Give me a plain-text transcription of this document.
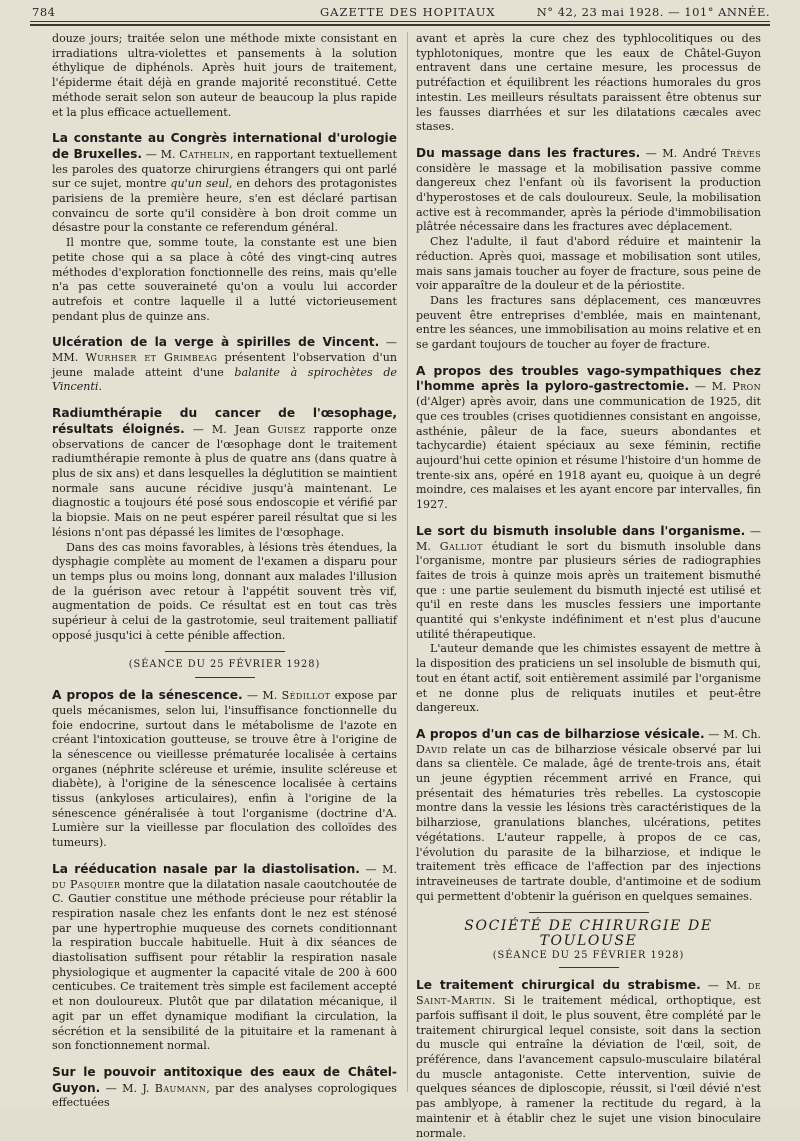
784	GAZETTE DES HOPITAUX	N° 42, 23 mai 1928. — 101° ANNÉE.

douze jours; traitée selon une méthode mixte consistant en irradiations ultra-violettes et pansements à la solution éthylique de diphénols. Après huit jours de traitement, l'épiderme était déjà en grande majorité reconstitué. Cette méthode serait selon son auteur de beaucoup la plus rapide et la plus efficace actuellement.

La constante au Congrès international d'urologie de Bruxelles. — M. Cathelin, en rapportant textuellement les paroles des quatorze chirurgiens étrangers qui ont parlé sur ce sujet, montre qu'un seul, en dehors des protagonistes parisiens de la première heure, s'en est déclaré partisan convaincu de sorte qu'il considère à bon droit comme un désastre pour la constante ce referendum général.

Il montre que, somme toute, la constante est une bien petite chose qui a sa place à côté des vingt-cinq autres méthodes d'exploration fonctionnelle des reins, mais qu'elle n'a pas cette souveraineté qu'on a voulu lui accorder autrefois et contre laquelle il a lutté victorieusement pendant plus de quinze ans.

Ulcération de la verge à spirilles de Vincent. — MM. Wurhser et Grimbeag présentent l'observation d'un jeune malade atteint d'une balanite à spirochètes de Vincenti.

Radiumthérapie du cancer de l'œsophage, résultats éloignés. — M. Jean Guisez rapporte onze observations de cancer de l'œsophage dont le traitement radiumthérapie remonte à plus de quatre ans (dans quatre à plus de six ans) et dans lesquelles la déglutition se maintient normale sans aucune récidive jusqu'à maintenant. Le diagnostic a toujours été posé sous endoscopie et vérifié par la biopsie. Mais on ne peut espérer pareil résultat que si les lésions n'ont pas dépassé les limites de l'œsophage.

Dans des cas moins favorables, à lésions très étendues, la dysphagie complète au moment de l'examen a disparu pour un temps plus ou moins long, donnant aux malades l'illusion de la guérison avec retour à l'appétit souvent très vif, augmentation de poids. Ce résultat est en tout cas très supérieur à celui de la gastrotomie, seul traitement palliatif opposé jusqu'ici à cette pénible affection.

(SÉANCE DU 25 FÉVRIER 1928)

A propos de la sénescence. — M. Sédillot expose par quels mécanismes, selon lui, l'insuffisance fonctionnelle du foie endocrine, surtout dans le métabolisme de l'azote en créant l'intoxication goutteuse, se trouve être à l'origine de la sénescence ou vieillesse prématurée localisée à certains organes (néphrite scléreuse et urémie, insulite scléreuse et diabète), à l'origine de la sénescence localisée à certains tissus (ankyloses articulaires), enfin à l'origine de la sénescence généralisée à tout l'organisme (doctrine d'A. Lumière sur la vieillesse par floculation des colloïdes des tumeurs).

La rééducation nasale par la diastolisation. — M. du Pasquier montre que la dilatation nasale caoutchoutée de C. Gautier constitue une méthode précieuse pour rétablir la respiration nasale chez les enfants dont le nez est sténosé par une hypertrophie muqueuse des cornets conditionnant la respiration buccale habituelle. Huit à dix séances de diastolisation suffisent pour rétablir la respiration nasale physiologique et augmenter la capacité vitale de 200 à 600 centicubes. Ce traitement très simple est facilement accepté et non douloureux. Plutôt que par dilatation mécanique, il agit par un effet dynamique modifiant la circulation, la sécrétion et la sensibilité de la pituitaire et la ramenant à son fonctionnement normal.

Sur le pouvoir antitoxique des eaux de Châtel-Guyon. — M. J. Baumann, par des analyses coprologiques effectuées

avant et après la cure chez des typhlocolitiques ou des typhlotoniques, montre que les eaux de Châtel-Guyon entravent dans une certaine mesure, les processus de putréfaction et équilibrent les réactions humorales du gros intestin. Les meilleurs résultats paraissent être obtenus sur les fausses diarrhées et sur les dilatations cæcales avec stases.

Du massage dans les fractures. — M. André Trèves considère le massage et la mobilisation passive comme dangereux chez l'enfant où ils favorisent la production d'hyperostoses et de cals douloureux. Seule, la mobilisation active est à recommander, après la période d'immobilisation plâtrée nécessaire dans les fractures avec déplacement.

Chez l'adulte, il faut d'abord réduire et maintenir la réduction. Après quoi, massage et mobilisation sont utiles, mais sans jamais toucher au foyer de fracture, sous peine de voir apparaître de la douleur et de la périostite.

Dans les fractures sans déplacement, ces manœuvres peuvent être entreprises d'emblée, mais en maintenant, entre les séances, une immobilisation au moins relative et en se gardant toujours de toucher au foyer de fracture.

A propos des troubles vago-sympathiques chez l'homme après la pyloro-gastrectomie. — M. Pron (d'Alger) après avoir, dans une communication de 1925, dit que ces troubles (crises quotidiennes consistant en angoisse, asthénie, pâleur de la face, sueurs abondantes et tachycardie) étaient spéciaux au sexe féminin, rectifie aujourd'hui cette opinion et résume l'histoire d'un homme de trente-six ans, opéré en 1918 ayant eu, quoique à un degré moindre, ces malaises et les ayant encore par intervalles, fin 1927.

Le sort du bismuth insoluble dans l'organisme. — M. Galliot étudiant le sort du bismuth insoluble dans l'organisme, montre par plusieurs séries de radiographies faites de trois à quinze mois après un traitement bismuthé que : une partie seulement du bismuth injecté est utilisé et qu'il en reste dans les muscles fessiers une importante quantité qui s'enkyste indéfiniment et n'est plus d'aucune utilité thérapeutique.

L'auteur demande que les chimistes essayent de mettre à la disposition des praticiens un sel insoluble de bismuth qui, tout en étant actif, soit entièrement assimilé par l'organisme et ne donne plus de reliquats inutiles et peut-être dangereux.

A propos d'un cas de bilharziose vésicale. — M. Ch. David relate un cas de bilharziose vésicale observé par lui dans sa clientèle. Ce malade, âgé de trente-trois ans, était un jeune égyptien récemment arrivé en France, qui présentait des hématuries très rebelles. La cystoscopie montre dans la vessie les lésions très caractéristiques de la bilharziose, granulations blanches, ulcérations, petites végétations. L'auteur rappelle, à propos de ce cas, l'évolution du parasite de la bilharziose, et indique le traitement très efficace de l'affection par des injections intraveineuses de tartrate double, d'antimoine et de sodium qui permettent d'obtenir la guérison en quelques semaines.

SOCIÉTÉ DE CHIRURGIE DE TOULOUSE

(SÉANCE DU 25 FÉVRIER 1928)

Le traitement chirurgical du strabisme. — M. de Saint-Martin. Si le traitement médical, orthoptique, est parfois suffisant il doit, le plus souvent, être complété par le traitement chirurgical lequel consiste, soit dans la section du muscle qui entraîne la déviation de l'œil, soit, de préférence, dans l'avancement capsulo-musculaire bilatéral du muscle antagoniste. Cette intervention, suivie de quelques séances de diploscopie, réussit, si l'œil dévié n'est pas amblyope, à ramener la rectitude du regard, à la maintenir et à établir chez le sujet une vision binoculaire normale.
